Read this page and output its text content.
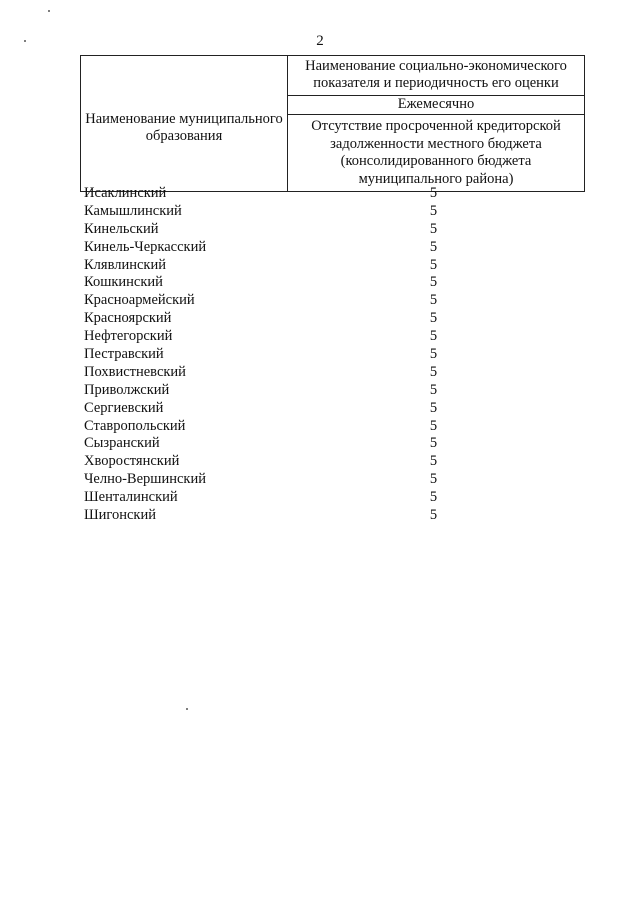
2
Наименование муниципального образования	Наименование социально-экономического показателя и периодичность его оценки
Ежемесячно
Отсутствие просроченной кредиторской задолженности местного бюджета (консолидированного бюджета муниципального района)
Исаклинский	5
Камышлинский	5
Кинельский	5
Кинель-Черкасский	5
Клявлинский	5
Кошкинский	5
Красноармейский	5
Красноярский	5
Нефтегорский	5
Пестравский	5
Похвистневский	5
Приволжский	5
Сергиевский	5
Ставропольский	5
Сызранский	5
Хворостянский	5
Челно-Вершинский	5
Шенталинский	5
Шигонский	5
